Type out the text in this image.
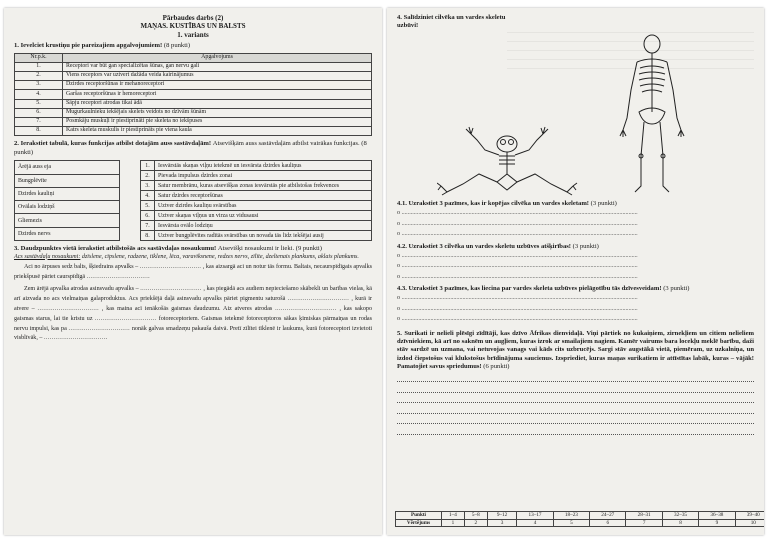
Pārbaudes darbs (2)
MAŅAS. KUSTĪBAS UN BALSTS
1. variants
1. Ievelciet krustiņu pie pareizajiem apgalvojumiem! (8 punkti)
Nr.p.k.	Apgalvojums
1.	Receptori var būt gan specializētas šūnas, gan nervu gali
2.	Viens receptors var uztvert dažāda veida kairinājumus
3.	Dzirdes receptoršūnas ir mehanoreceptori
4.	Garšas receptoršūnas ir hemoreceptori
5.	Sāpju receptori atrodas tikai ādā
6.	Mugurkaulnieku iekšējais skelets veidots no dzīvām šūnām
7.	Posmkāju muskuļi ir piestiprināti pie skeleta no iekšpuses
8.	Katrs skeleta muskulis ir piestiprināts pie viena kaula
2. Ierakstiet tabulā, kuras funkcijas atbilst dotajām auss sastāvdaļām! Atsevišķām auss sastāvdaļām atbilst vairākas funkcijas. (8 punkti)
Ārējā auss eja
Bungplēvīte
Dzirdes kauliņi
Ovālais lodziņš
Gliemezis
Dzirdes nervs
1.	Iesvārstās skaņas viļņu ietekmē un iesvārsta dzirdes kauliņus
2.	Pievada impulsus dzirdes zonai
3.	Satur membrānu, kuras atsevišķas zonas iesvārstās pie atbilstošas frekvences
4.	Satur dzirdes receptoršūnas
5.	Uztver dzirdes kauliņu svārstības
6.	Uztver skaņas viļņus un virza uz vidusausi
7.	Iesvārsta ovālo lodziņu
8.	Uztver bungplēvītes radītās svārstības un novada tās līdz iekšējai ausij
3. Daudzpunktes vietā ierakstiet atbilstošās acs sastāvdaļas nosaukumu! Atsevišķi nosaukumi ir lieki. (9 punkti)
Acs sastāvdaļu nosaukumi: dzīslene, cīpslene, radzene, tīklene, lēca, varavīksnene, redzes nervs, zīlīte, dzeltenais plankums, aklais plankums.

Aci no ārpuses sedz balts, šķiedrains apvalks – ................................ , kas aizsargā aci un notur tās formu. Baltais, necaurspīdīgais apvalks priekšpusē pāriet caurspīdīgā .................................

Zem ārējā apvalka atrodas asinsvadu apvalks – ................................ , kas piegādā acs audiem nepieciešamo skābekli un barības vielas, kā arī aizvada no acs vielmaiņas galaproduktus. Acs priekšējā daļā asinsvadu apvalks pāriet pigmentu saturošā ................................ , kurā ir atvere – ................................ , kas maina acī ienākošās gaismas daudzumu. Aiz atveres atrodas ................................ , kas sakopo gaismas starus, lai tie kristu uz ................................ fotoreceptoriem. Gaismas ietekmē fotoreceptoros sākas ķīmiskas pārmaiņas un rodas nervu impulsi, kas pa ................................ nonāk galvas smadzeņu pakaušа daivā. Pretī zīlītei tīklenē ir laukums, kurā fotoreceptori izvietoti visblīvāk, – .................................

4. Salīdziniet cilvēka un vardes skeletu
uzbūvi!
4.1. Uzrakstiet 3 pazīmes, kas ir kopējas cilvēka un vardes skeletam! (3 punkti)
o ...........................................................................................................................................................
o ...........................................................................................................................................................
o ...........................................................................................................................................................
4.2. Uzrakstiet 3 cilvēka un vardes skeletu uzbūves atšķirības! (3 punkti)
o ...........................................................................................................................................................
o ...........................................................................................................................................................
o ...........................................................................................................................................................
4.3. Uzrakstiet 3 pazīmes, kas liecina par vardes skeleta uzbūves pielāgotību tās dzīvesveidam! (3 punkti)
o ...........................................................................................................................................................
o ...........................................................................................................................................................
o ...........................................................................................................................................................
5. Surikati ir nelieli plēsīgi zīdītāji, kas dzīvo Āfrikas dienvidaļā. Viņi pārtiek no kukaiņiem, zirnekļiem un citiem nelieliem dzīvniekiem, kā arī no saknēm un augļiem, kuras izrok ar smailajiem nagiem. Kamēr vairums bara locekļu meklē barību, daži stāv sardzē un uzmana, vai netuvojas vanags vai kāds cits uzbrucējs. Sargi stāv augstākā vietā, piemēram, uz uzkalniņa, un izdod čiepstošus vai klukstošus brīdinājuma saucienus. Izspriediet, kuras maņas surikatiem ir attīstītas labāk, kuras – vājāk! Pamatojiet savus spriedumus! (6 punkti)
Punkti	1–4	5–8	9–12	13–17	18–23	24–27	28–31	32–35	36–38	39–40
Vērtējums	1	2	3	4	5	6	7	8	9	10
